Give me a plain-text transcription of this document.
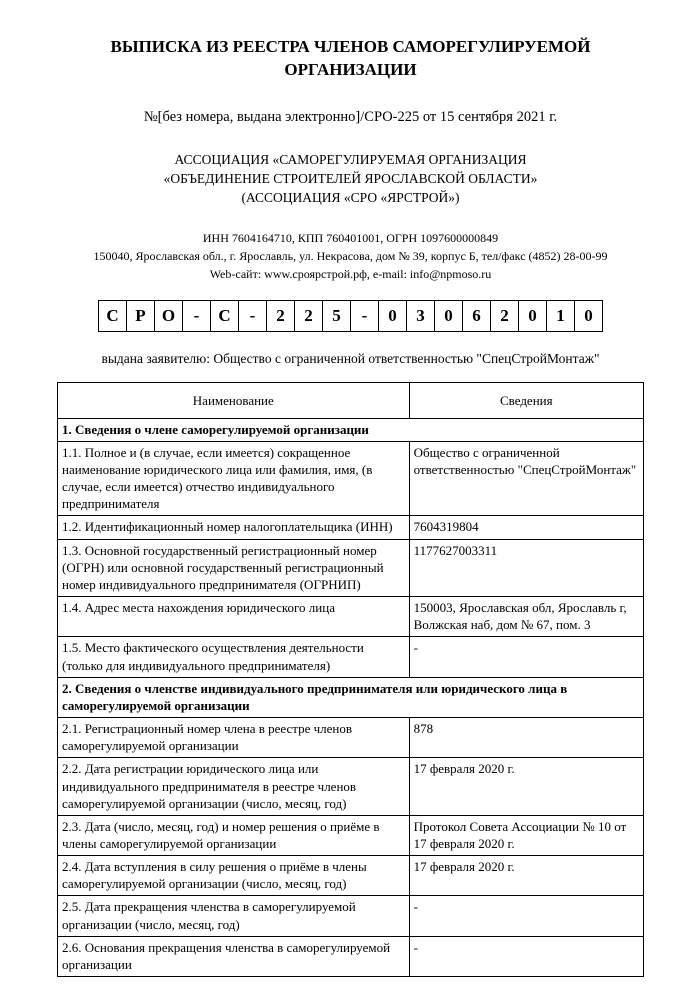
ВЫПИСКА ИЗ РЕЕСТРА ЧЛЕНОВ САМОРЕГУЛИРУЕМОЙ ОРГАНИЗАЦИИ
№[без номера, выдана электронно]/СРО-225 от 15 сентября 2021 г.
АССОЦИАЦИЯ «САМОРЕГУЛИРУЕМАЯ ОРГАНИЗАЦИЯ
«ОБЪЕДИНЕНИЕ СТРОИТЕЛЕЙ ЯРОСЛАВСКОЙ ОБЛАСТИ»
(АССОЦИАЦИЯ «СРО «ЯРСТРОЙ»)
ИНН 7604164710, КПП 760401001, ОГРН 1097600000849
150040, Ярославская обл., г. Ярославль, ул. Некрасова, дом № 39, корпус Б, тел/факс (4852) 28-00-99
Web-сайт: www.сроярстрой.рф, e-mail: info@npmoso.ru
С Р О	-	С	-	2	2	5	-	0	3	0	6	2	0	1	0
выдана заявителю: Общество с ограниченной ответственностью "СпецСтройМонтаж"
Наименование	Сведения
1. Сведения о члене саморегулируемой организации	
1.1. Полное и (в случае, если имеется) сокращенное наименование юридического лица или фамилия, имя, (в случае, если имеется) отчество индивидуального предпринимателя	Общество с ограниченной ответственностью "СпецСтройМонтаж"
1.2. Идентификационный номер налогоплательщика (ИНН)	7604319804
1.3. Основной государственный регистрационный номер (ОГРН) или основной государственный регистрационный номер индивидуального предпринимателя (ОГРНИП)	1177627003311
1.4. Адрес места нахождения юридического лица	150003, Ярославская обл, Ярославль г, Волжская наб, дом № 67, пом. 3
1.5. Место фактического осуществления деятельности (только для индивидуального предпринимателя)	-
2. Сведения о членстве индивидуального предпринимателя или юридического лица в саморегулируемой организации	
2.1. Регистрационный номер члена в реестре членов саморегулируемой организации	878
2.2. Дата регистрации юридического лица или индивидуального предпринимателя в реестре членов саморегулируемой организации (число, месяц, год)	17 февраля 2020 г.
2.3. Дата (число, месяц, год) и номер решения о приёме в члены саморегулируемой организации	Протокол Совета Ассоциации № 10 от 17 февраля 2020 г.
2.4. Дата вступления в силу решения о приёме в члены саморегулируемой организации (число, месяц, год)	17 февраля 2020 г.
2.5. Дата прекращения членства в саморегулируемой организации (число, месяц, год)	-
2.6. Основания прекращения членства в саморегулируемой организации	-
